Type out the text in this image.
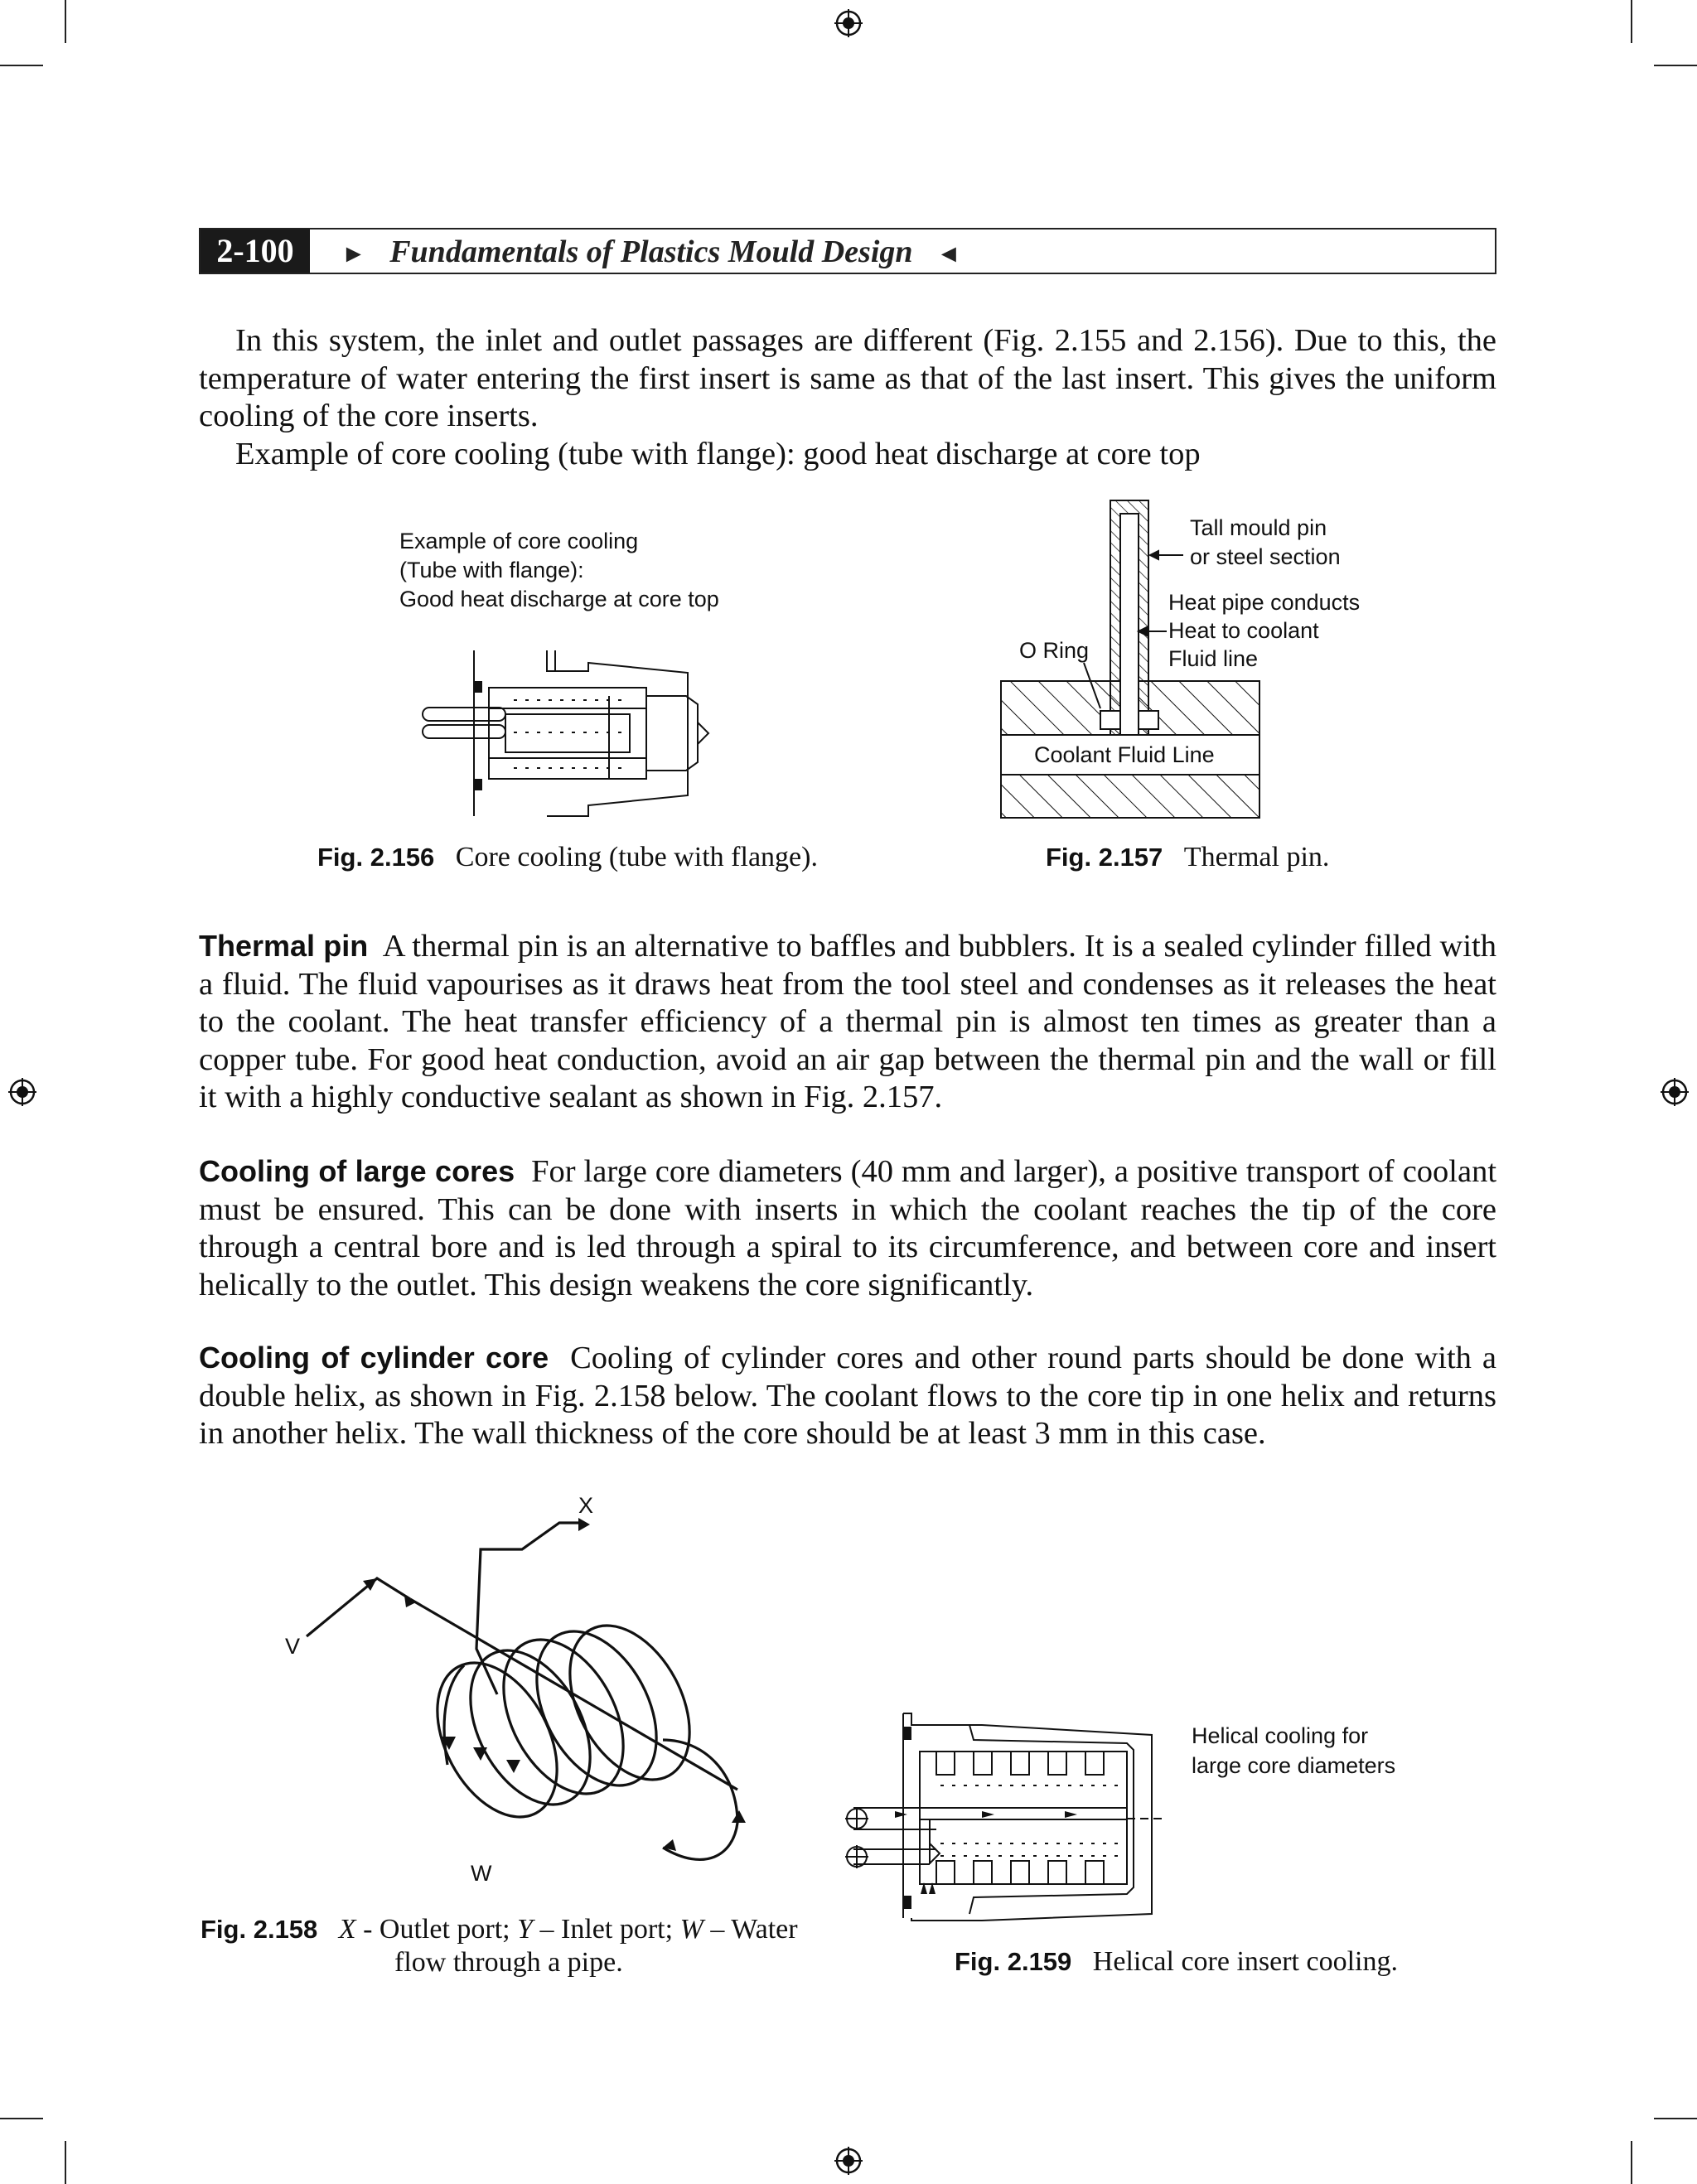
2-100	► Fundamentals of Plastics Mould Design ◄

In this system, the inlet and outlet passages are different (Fig. 2.155 and 2.156). Due to this, the temperature of water entering the first insert is same as that of the last insert. This gives the uniform cooling of the core inserts.

Example of core cooling (tube with flange): good heat discharge at core top

Example of core cooling
(Tube with flange):
Good heat discharge at core top
Fig. 2.156 Core cooling (tube with flange).
Tall mould pin
or steel section
Heat pipe conducts
Heat to coolant
Fluid line
O Ring
Coolant Fluid Line
Fig. 2.157 Thermal pin.

Thermal pin A thermal pin is an alternative to baffles and bubblers. It is a sealed cylinder filled with a fluid. The fluid vapourises as it draws heat from the tool steel and condenses as it releases the heat to the coolant. The heat transfer efficiency of a thermal pin is almost ten times as greater than a copper tube. For good heat conduction, avoid an air gap between the thermal pin and the wall or fill it with a highly conductive sealant as shown in Fig. 2.157.

Cooling of large cores For large core diameters (40 mm and larger), a positive transport of coolant must be ensured. This can be done with inserts in which the coolant reaches the tip of the core through a central bore and is led through a spiral to its circumference, and between core and insert helically to the outlet. This design weakens the core significantly.

Cooling of cylinder core Cooling of cylinder cores and other round parts should be done with a double helix, as shown in Fig. 2.158 below. The coolant flows to the core tip in one helix and returns in another helix. The wall thickness of the core should be at least 3 mm in this case.

X
V
W
Fig. 2.158 X - Outlet port; Y – Inlet port; W – Water
flow through a pipe.
Helical cooling for
large core diameters
Fig. 2.159 Helical core insert cooling.
